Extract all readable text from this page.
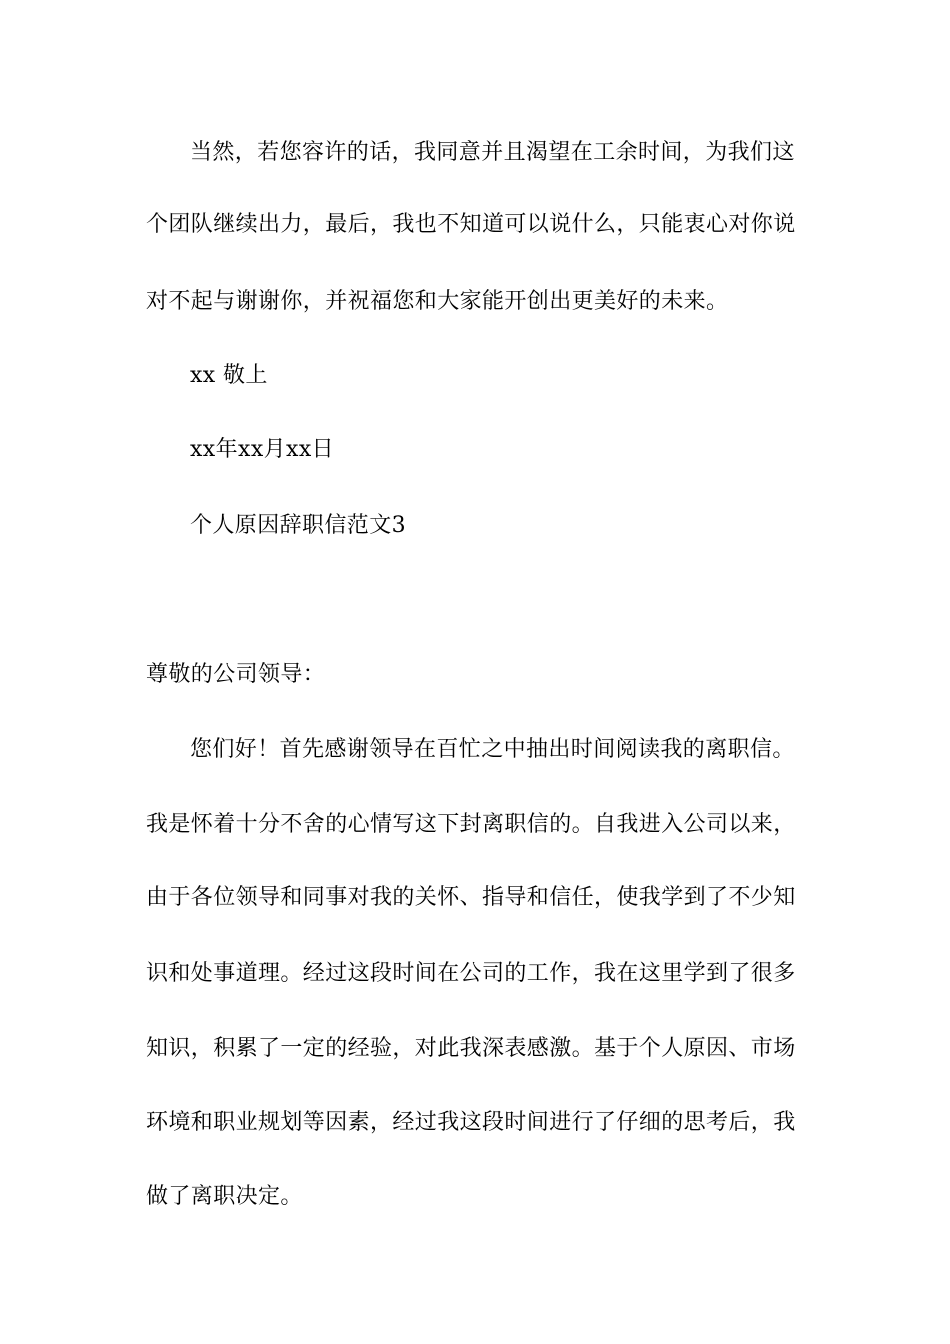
当然，若您容许的话，我同意并且渴望在工余时间，为我们这
个团队继续出力，最后，我也不知道可以说什么，只能衷心对你说
对不起与谢谢你，并祝福您和大家能开创出更美好的未来。
xx 敬上
xx年xx月xx日
个人原因辞职信范文3
尊敬的公司领导：
您们好！首先感谢领导在百忙之中抽出时间阅读我的离职信。
我是怀着十分不舍的心情写这下封离职信的。自我进入公司以来，
由于各位领导和同事对我的关怀、指导和信任，使我学到了不少知
识和处事道理。经过这段时间在公司的工作，我在这里学到了很多
知识，积累了一定的经验，对此我深表感激。基于个人原因、市场
环境和职业规划等因素，经过我这段时间进行了仔细的思考后，我
做了离职决定。
